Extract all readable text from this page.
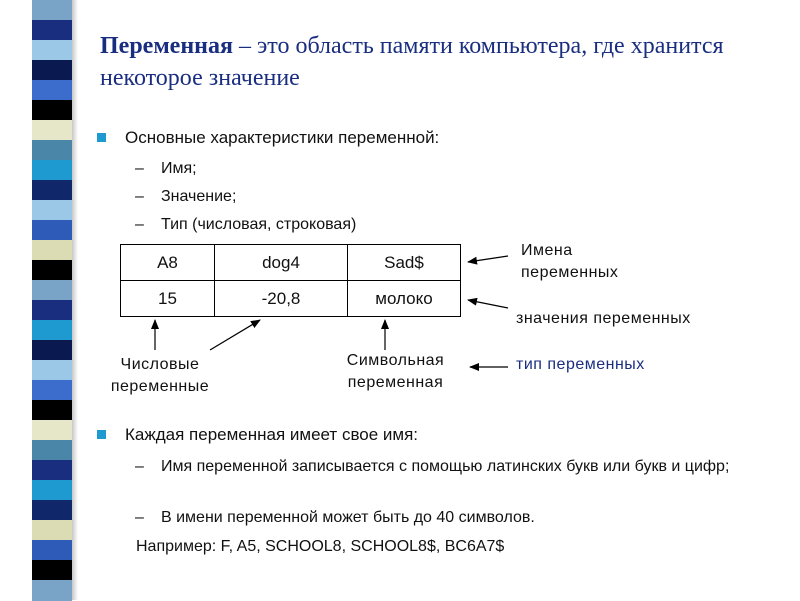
Переменная – это область памяти компьютера, где хранится некоторое значение
Основные характеристики переменной:
– Имя;
– Значение;
– Тип (числовая, строковая)
A8	dog4	Sad$
15	-20,8	молоко
Имена переменных
значения переменных
тип переменных
Числовые переменные
Символьная переменная
Каждая переменная имеет свое имя:
– Имя переменной записывается с помощью латинских букв или букв и цифр;
– В имени переменной может быть до 40 символов.
Например: F, A5, SCHOOL8, SCHOOL8$, BC6A7$
